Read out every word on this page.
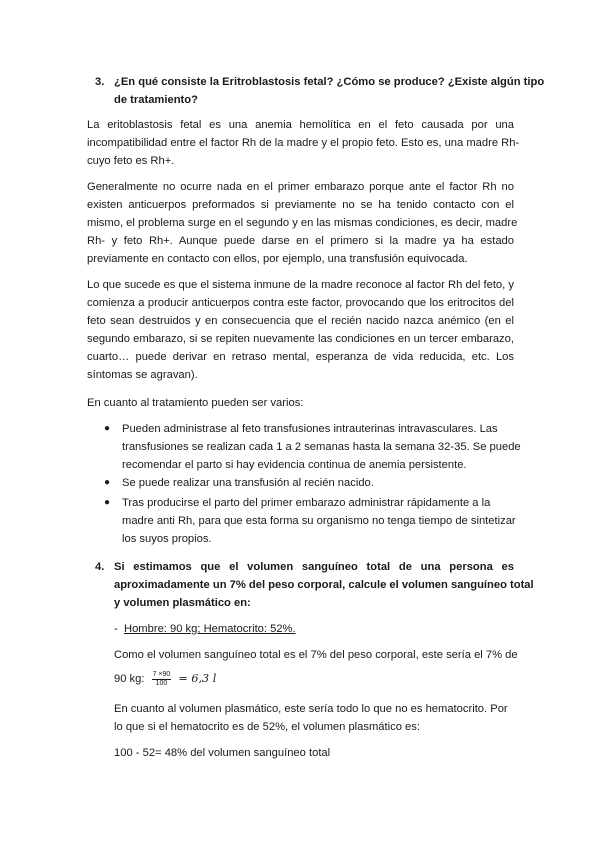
3. ¿En qué consiste la Eritroblastosis fetal? ¿Cómo se produce? ¿Existe algún tipo
de tratamiento?
La eritoblastosis fetal es una anemia hemolítica en el feto causada por una
incompatibilidad entre el factor Rh de la madre y el propio feto. Esto es, una madre Rh-
cuyo feto es Rh+.
Generalmente no ocurre nada en el primer embarazo porque ante el factor Rh no
existen anticuerpos preformados si previamente no se ha tenido contacto con el
mismo, el problema surge en el segundo y en las mismas condiciones, es decir, madre
Rh- y feto Rh+. Aunque puede darse en el primero si la madre ya ha estado
previamente en contacto con ellos, por ejemplo, una transfusión equivocada.
Lo que sucede es que el sistema inmune de la madre reconoce al factor Rh del feto, y
comienza a producir anticuerpos contra este factor, provocando que los eritrocitos del
feto sean destruidos y en consecuencia que el recién nacido nazca anémico (en el
segundo embarazo, si se repiten nuevamente las condiciones en un tercer embarazo,
cuarto… puede derivar en retraso mental, esperanza de vida reducida, etc. Los
síntomas se agravan).
En cuanto al tratamiento pueden ser varios:
● Pueden administrase al feto transfusiones intrauterinas intravasculares. Las
transfusiones se realizan cada 1 a 2 semanas hasta la semana 32-35. Se puede
recomendar el parto si hay evidencia continua de anemia persistente.
● Se puede realizar una transfusión al recién nacido.
● Tras producirse el parto del primer embarazo administrar rápidamente a la
madre anti Rh, para que esta forma su organismo no tenga tiempo de sintetizar
los suyos propios.
4. Si estimamos que el volumen sanguíneo total de una persona es
aproximadamente un 7% del peso corporal, calcule el volumen sanguíneo total
y volumen plasmático en:
- Hombre: 90 kg; Hematocrito: 52%.
Como el volumen sanguíneo total es el 7% del peso corporal, este sería el 7% de
90 kg: $\frac{7 \times 90}{100} = 6,3$ l
En cuanto al volumen plasmático, este sería todo lo que no es hematocrito. Por
lo que si el hematocrito es de 52%, el volumen plasmático es:
100 - 52= 48% del volumen sanguíneo total
